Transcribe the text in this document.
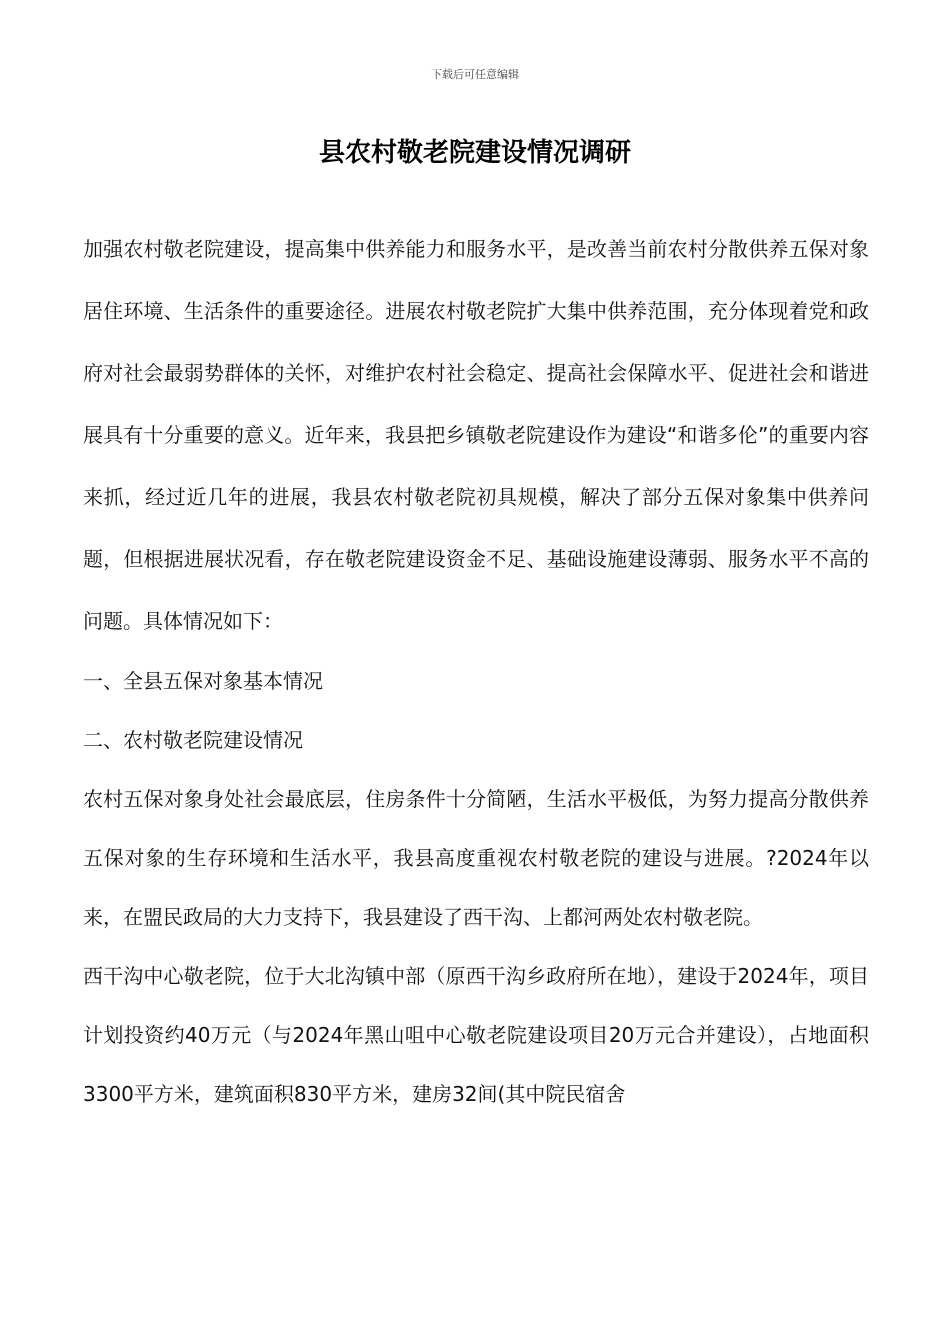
下载后可任意编辑
县农村敬老院建设情况调研

加强农村敬老院建设，提高集中供养能力和服务水平，是改善当前农村分散供养五保对象居住环境、生活条件的重要途径。进展农村敬老院扩大集中供养范围，充分体现着党和政府对社会最弱势群体的关怀，对维护农村社会稳定、提高社会保障水平、促进社会和谐进展具有十分重要的意义。近年来，我县把乡镇敬老院建设作为建设“和谐多伦”的重要内容来抓，经过近几年的进展，我县农村敬老院初具规模，解决了部分五保对象集中供养问题，但根据进展状况看，存在敬老院建设资金不足、基础设施建设薄弱、服务水平不高的问题。具体情况如下：

一、全县五保对象基本情况

二、农村敬老院建设情况

农村五保对象身处社会最底层，住房条件十分简陋，生活水平极低，为努力提高分散供养五保对象的生存环境和生活水平，我县高度重视农村敬老院的建设与进展。?2024年以来，在盟民政局的大力支持下，我县建设了西干沟、上都河两处农村敬老院。

西干沟中心敬老院，位于大北沟镇中部（原西干沟乡政府所在地），建设于2024年，项目计划投资约40万元（与2024年黑山咀中心敬老院建设项目20万元合并建设），占地面积3300平方米，建筑面积830平方米，建房32间(其中院民宿舍
